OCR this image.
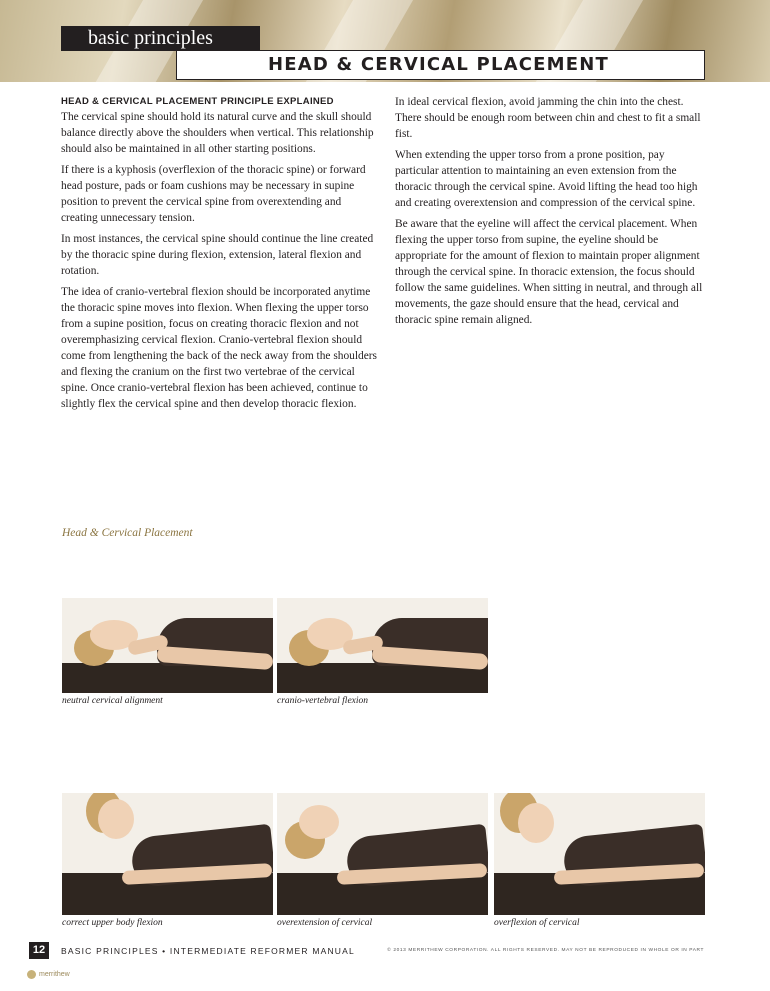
basic principles
HEAD & CERVICAL PLACEMENT
HEAD & CERVICAL PLACEMENT PRINCIPLE EXPLAINED

The cervical spine should hold its natural curve and the skull should balance directly above the shoulders when vertical. This relationship should also be maintained in all other starting positions.

If there is a kyphosis (overflexion of the thoracic spine) or forward head posture, pads or foam cushions may be necessary in supine position to prevent the cervical spine from overextending and creating unnecessary tension.

In most instances, the cervical spine should continue the line created by the thoracic spine during flexion, extension, lateral flexion and rotation.

The idea of cranio-vertebral flexion should be incorporated anytime the thoracic spine moves into flexion. When flexing the upper torso from a supine position, focus on creating thoracic flexion and not overemphasizing cervical flexion. Cranio-vertebral flexion should come from lengthening the back of the neck away from the shoulders and flexing the cranium on the first two vertebrae of the cervical spine. Once cranio-vertebral flexion has been achieved, continue to slightly flex the cervical spine and then develop thoracic flexion.

In ideal cervical flexion, avoid jamming the chin into the chest. There should be enough room between chin and chest to fit a small fist.

When extending the upper torso from a prone position, pay particular attention to maintaining an even extension from the thoracic through the cervical spine. Avoid lifting the head too high and creating overextension and compression of the cervical spine.

Be aware that the eyeline will affect the cervical placement. When flexing the upper torso from supine, the eyeline should be appropriate for the amount of flexion to maintain proper alignment through the cervical spine. In thoracic extension, the focus should follow the same guidelines. When sitting in neutral, and through all movements, the gaze should ensure that the head, cervical and thoracic spine remain aligned.

Head & Cervical Placement
neutral cervical alignment	cranio-vertebral flexion
correct upper body flexion	overextension of cervical	overflexion of cervical
12	BASIC PRINCIPLES • INTERMEDIATE REFORMER MANUAL	© 2013 MERRITHEW CORPORATION. ALL RIGHTS RESERVED. MAY NOT BE REPRODUCED IN WHOLE OR IN PART
merrithew
